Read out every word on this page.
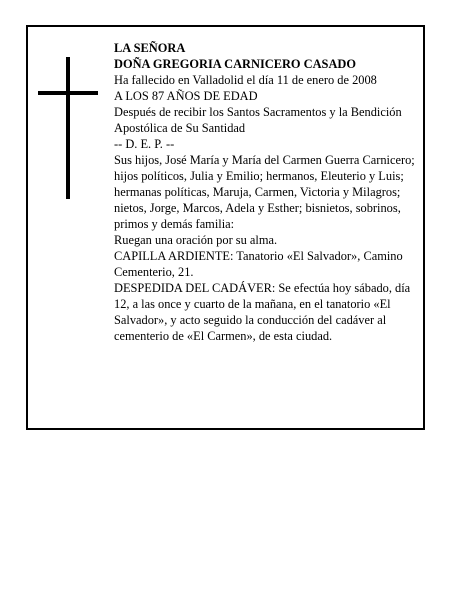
LA SEÑORA

DOÑA GREGORIA CARNICERO CASADO

Ha fallecido en Valladolid el día 11 de enero de 2008

A LOS 87 AÑOS DE EDAD

Después de recibir los Santos Sacramentos y la Bendición Apostólica de Su Santidad

-- D. E. P. --

Sus hijos, José María y María del Carmen Guerra Carnicero; hijos políticos, Julia y Emilio; hermanos, Eleuterio y Luis; hermanas políticas, Maruja, Carmen, Victoria y Milagros; nietos, Jorge, Marcos, Adela y Esther; bisnietos, sobrinos, primos y demás familia:

Ruegan una oración por su alma.

CAPILLA ARDIENTE: Tanatorio «El Salvador», Camino Cementerio, 21.

DESPEDIDA DEL CADÁVER: Se efectúa hoy sábado, día 12, a las once y cuarto de la mañana, en el tanatorio «El Salvador», y acto seguido la conducción del cadáver al cementerio de «El Carmen», de esta ciudad.
